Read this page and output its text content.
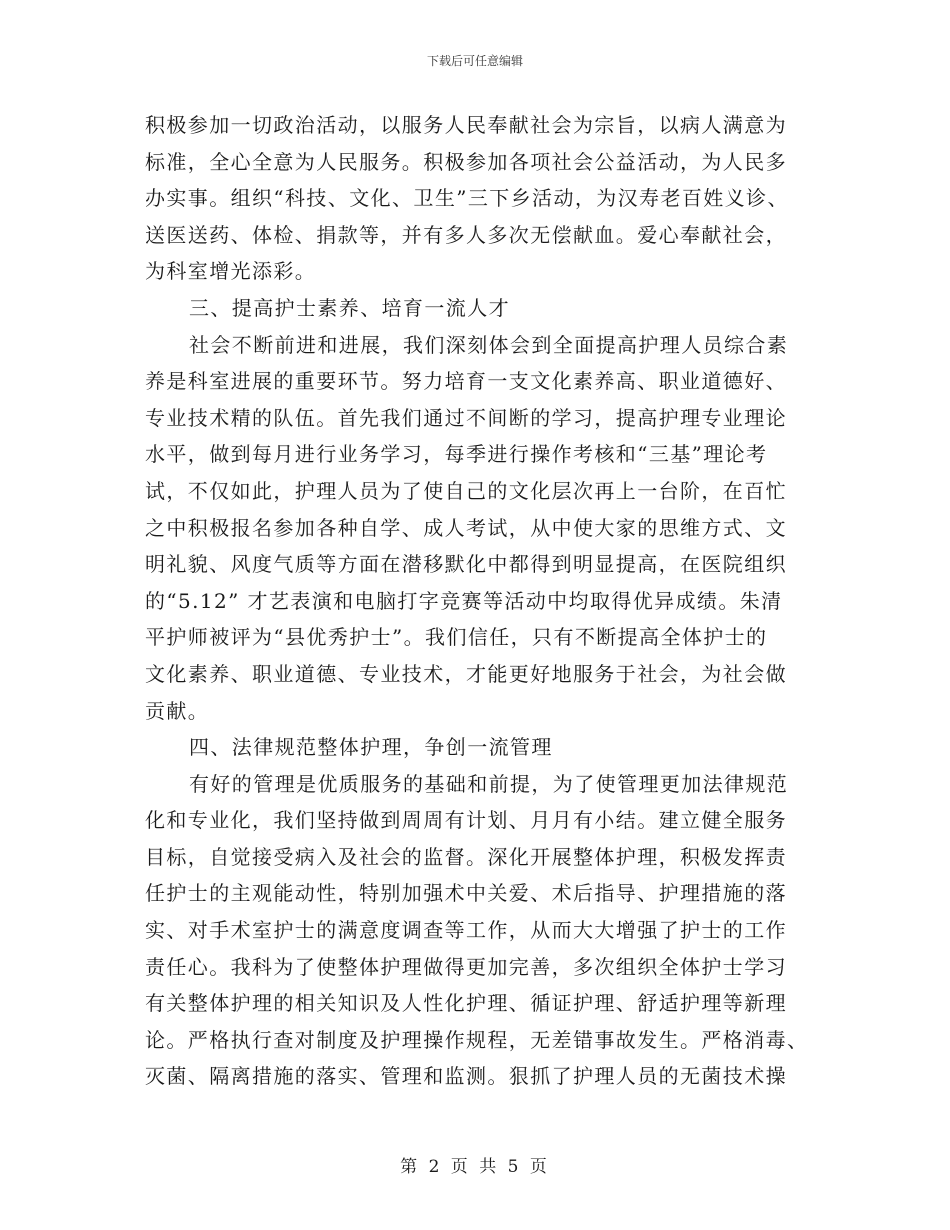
下载后可任意编辑
积极参加一切政治活动，以服务人民奉献社会为宗旨，以病人满意为
标准，全心全意为人民服务。积极参加各项社会公益活动，为人民多
办实事。组织“科技、文化、卫生”三下乡活动，为汉寿老百姓义诊、
送医送药、体检、捐款等，并有多人多次无偿献血。爱心奉献社会，
为科室增光添彩。
三、提高护士素养、培育一流人才
社会不断前进和进展，我们深刻体会到全面提高护理人员综合素
养是科室进展的重要环节。努力培育一支文化素养高、职业道德好、
专业技术精的队伍。首先我们通过不间断的学习，提高护理专业理论
水平，做到每月进行业务学习，每季进行操作考核和“三基”理论考
试，不仅如此，护理人员为了使自己的文化层次再上一台阶，在百忙
之中积极报名参加各种自学、成人考试，从中使大家的思维方式、文
明礼貌、风度气质等方面在潜移默化中都得到明显提高，在医院组织
的“5.12” 才艺表演和电脑打字竞赛等活动中均取得优异成绩。朱清
平护师被评为“县优秀护士”。我们信任，只有不断提高全体护士的
文化素养、职业道德、专业技术，才能更好地服务于社会，为社会做
贡献。
四、法律规范整体护理，争创一流管理
有好的管理是优质服务的基础和前提，为了使管理更加法律规范
化和专业化，我们坚持做到周周有计划、月月有小结。建立健全服务
目标，自觉接受病入及社会的监督。深化开展整体护理，积极发挥责
任护士的主观能动性，特别加强术中关爱、术后指导、护理措施的落
实、对手术室护士的满意度调查等工作，从而大大增强了护士的工作
责任心。我科为了使整体护理做得更加完善，多次组织全体护士学习
有关整体护理的相关知识及人性化护理、循证护理、舒适护理等新理
论。严格执行查对制度及护理操作规程，无差错事故发生。严格消毒、
灭菌、隔离措施的落实、管理和监测。狠抓了护理人员的无菌技术操
第 2 页 共 5 页
